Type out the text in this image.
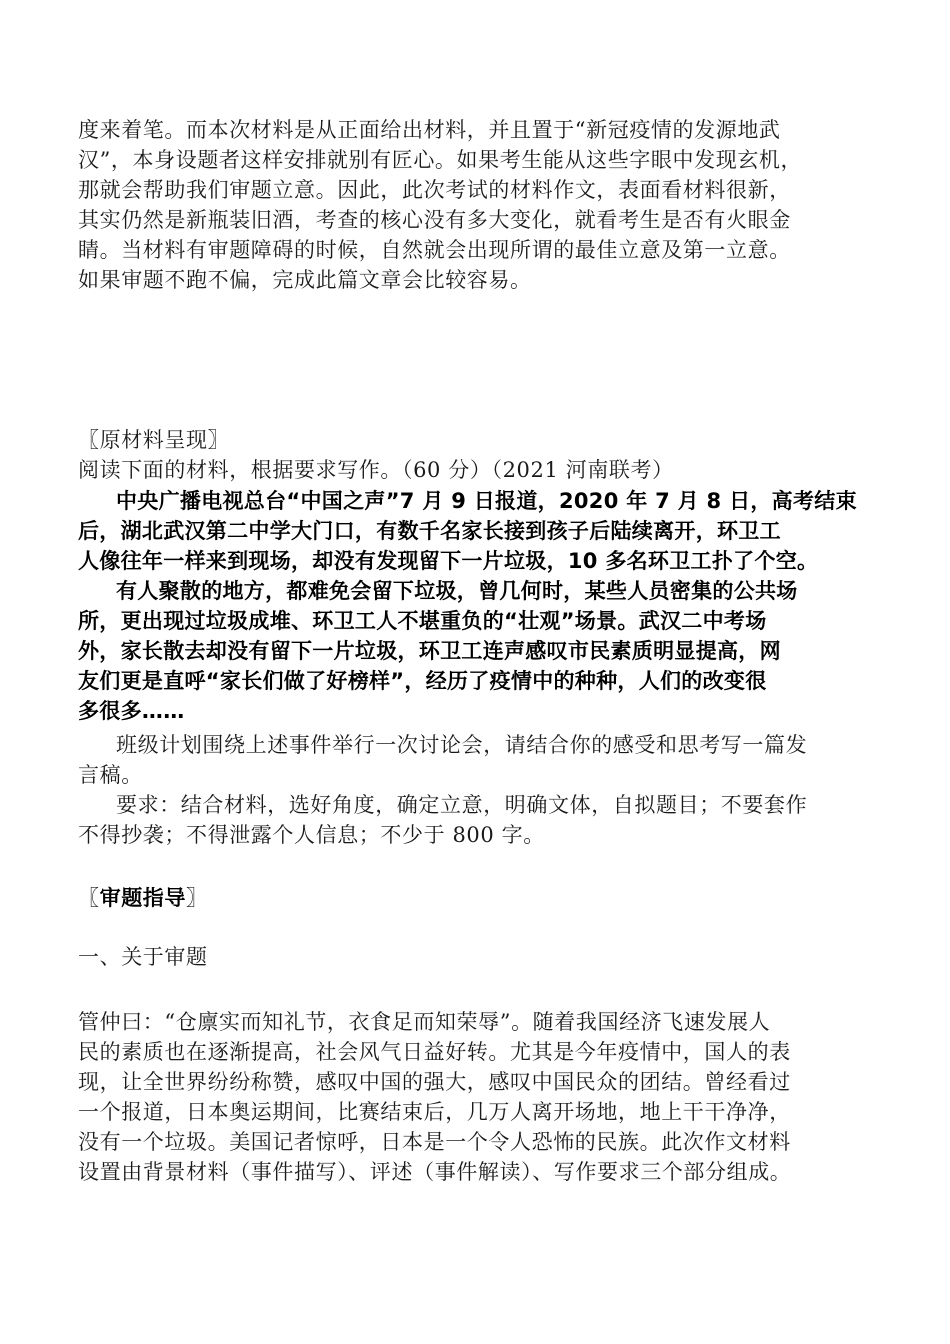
度来着笔。而本次材料是从正面给出材料，并且置于“新冠疫情的发源地武
汉”，本身设题者这样安排就别有匠心。如果考生能从这些字眼中发现玄机，
那就会帮助我们审题立意。因此，此次考试的材料作文，表面看材料很新，
其实仍然是新瓶装旧酒，考查的核心没有多大变化，就看考生是否有火眼金
睛。当材料有审题障碍的时候，自然就会出现所谓的最佳立意及第一立意。
如果审题不跑不偏，完成此篇文章会比较容易。
〖原材料呈现〗
阅读下面的材料，根据要求写作。（60 分）（2021 河南联考）
中央广播电视总台“中国之声”7 月 9 日报道，2020 年 7 月 8 日，高考结束
后，湖北武汉第二中学大门口，有数千名家长接到孩子后陆续离开，环卫工
人像往年一样来到现场，却没有发现留下一片垃圾，10 多名环卫工扑了个空。
有人聚散的地方，都难免会留下垃圾，曾几何时，某些人员密集的公共场
所，更出现过垃圾成堆、环卫工人不堪重负的“壮观”场景。武汉二中考场
外，家长散去却没有留下一片垃圾，环卫工连声感叹市民素质明显提高，网
友们更是直呼“家长们做了好榜样”，经历了疫情中的种种，人们的改变很
多很多……
班级计划围绕上述事件举行一次讨论会，请结合你的感受和思考写一篇发
言稿。
要求：结合材料，选好角度，确定立意，明确文体，自拟题目；不要套作
不得抄袭；不得泄露个人信息；不少于 800 字。
〖审题指导〗
一、关于审题
管仲曰：“仓廪实而知礼节，衣食足而知荣辱”。随着我国经济飞速发展人
民的素质也在逐渐提高，社会风气日益好转。尤其是今年疫情中，国人的表
现，让全世界纷纷称赞，感叹中国的强大，感叹中国民众的团结。曾经看过
一个报道，日本奥运期间，比赛结束后，几万人离开场地，地上干干净净，
没有一个垃圾。美国记者惊呼，日本是一个令人恐怖的民族。此次作文材料
设置由背景材料（事件描写）、评述（事件解读）、写作要求三个部分组成。
